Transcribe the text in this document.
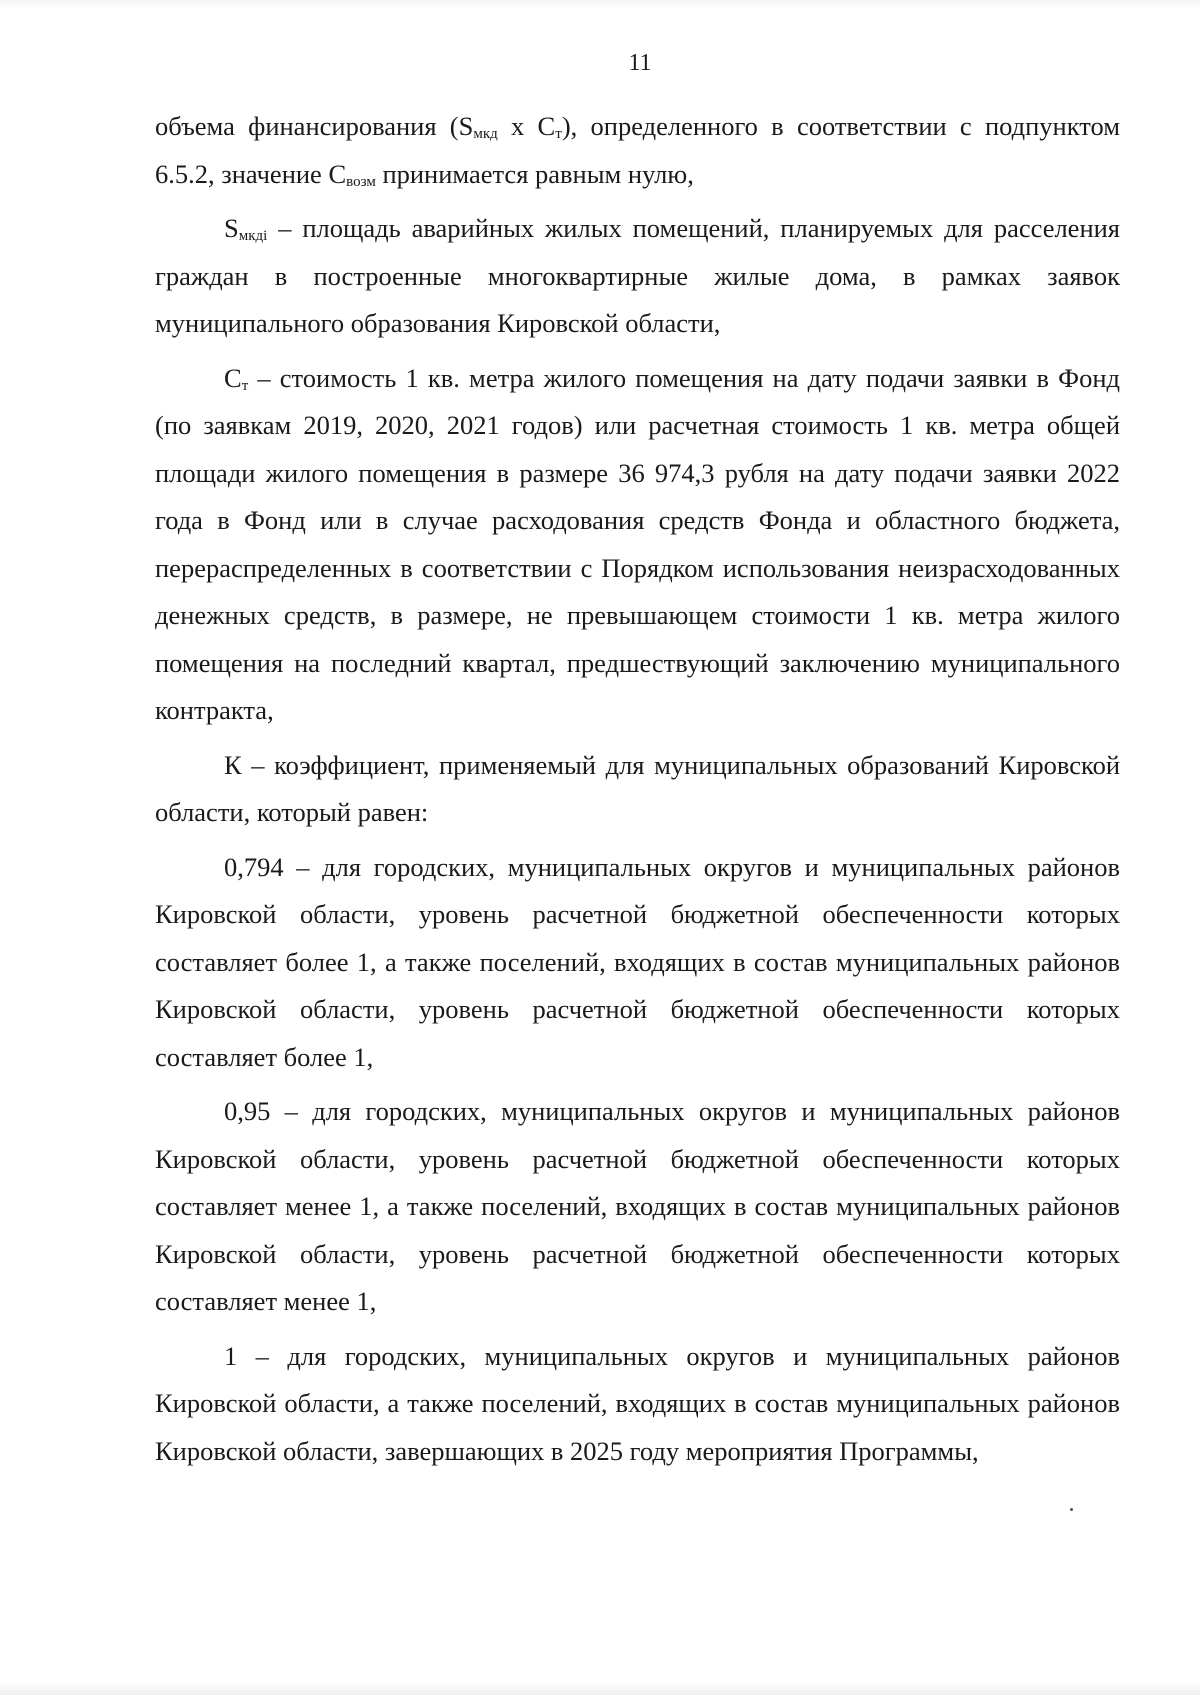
11

объема финансирования ($S_{мкд}$ х $С_т$), определенного в соответствии с подпунктом 6.5.2, значение $С_{возм}$ принимается равным нулю,

$S_{мкдi}$ – площадь аварийных жилых помещений, планируемых для расселения граждан в построенные многоквартирные жилые дома, в рамках заявок муниципального образования Кировской области,

$С_т$ – стоимость 1 кв. метра жилого помещения на дату подачи заявки в Фонд (по заявкам 2019, 2020, 2021 годов) или расчетная стоимость 1 кв. метра общей площади жилого помещения в размере 36 974,3 рубля на дату подачи заявки 2022 года в Фонд или в случае расходования средств Фонда и областного бюджета, перераспределенных в соответствии с Порядком использования неизрасходованных денежных средств, в размере, не превышающем стоимости 1 кв. метра жилого помещения на последний квартал, предшествующий заключению муниципального контракта,

К – коэффициент, применяемый для муниципальных образований Кировской области, который равен:

0,794 – для городских, муниципальных округов и муниципальных районов Кировской области, уровень расчетной бюджетной обеспеченности которых составляет более 1, а также поселений, входящих в состав муниципальных районов Кировской области, уровень расчетной бюджетной обеспеченности которых составляет более 1,

0,95 – для городских, муниципальных округов и муниципальных районов Кировской области, уровень расчетной бюджетной обеспеченности которых составляет менее 1, а также поселений, входящих в состав муниципальных районов Кировской области, уровень расчетной бюджетной обеспеченности которых составляет менее 1,

1 – для городских, муниципальных округов и муниципальных районов Кировской области, а также поселений, входящих в состав муниципальных районов Кировской области, завершающих в 2025 году мероприятия Программы,
